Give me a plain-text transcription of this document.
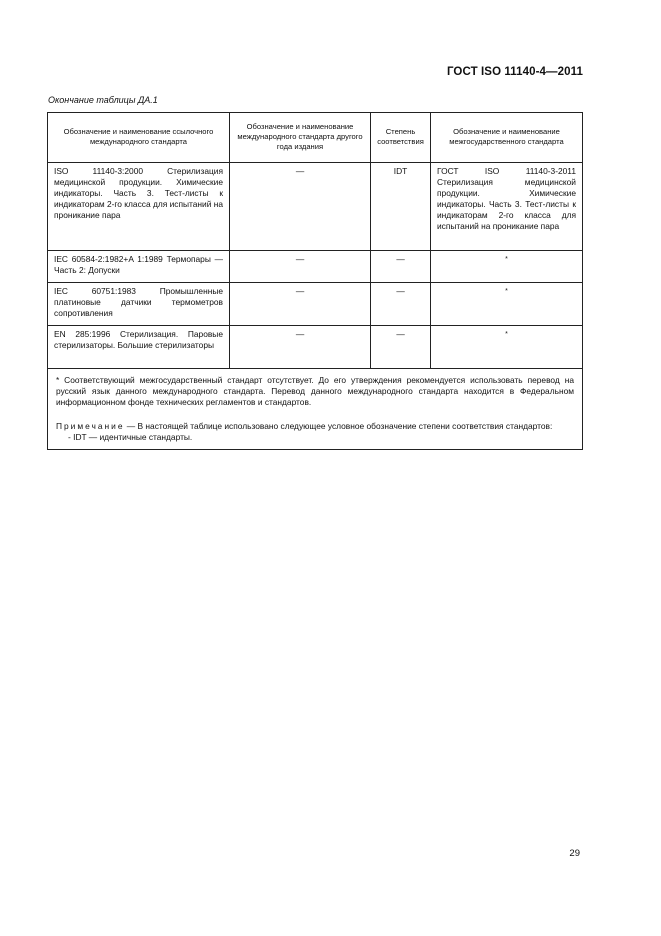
ГОСТ ISO 11140-4—2011
Окончание таблицы ДА.1
Обозначение и наименование ссылочного международного стандарта	Обозначение и наименование международного стандарта другого года издания	Степень соответствия	Обозначение и наименование межгосударственного стандарта
ISO 11140-3:2000 Стерилизация медицинской продукции. Химические индикаторы. Часть 3. Тест-листы к индикаторам 2-го класса для испытаний на проникание пара	—	IDT	ГОСТ ISO 11140-3-2011 Стерилизация медицинской продукции. Химические индикаторы. Часть 3. Тест-листы к индикаторам 2-го класса для испытаний на проникание пара
IEC 60584-2:1982+A 1:1989 Термопары — Часть 2: Допуски	—	—	*
IEC 60751:1983 Промышленные платиновые датчики термометров сопротивления	—	—	*
EN 285:1996 Стерилизация. Паровые стерилизаторы. Большие стерилизаторы	—	—	*

* Соответствующий межгосударственный стандарт отсутствует. До его утверждения рекомендуется использовать перевод на русский язык данного международного стандарта. Перевод данного международного стандарта находится в Федеральном информационном фонде технических регламентов и стандартов.

Примечание — В настоящей таблице использовано следующее условное обозначение степени соответствия стандартов:

- IDT — идентичные стандарты.			

29
